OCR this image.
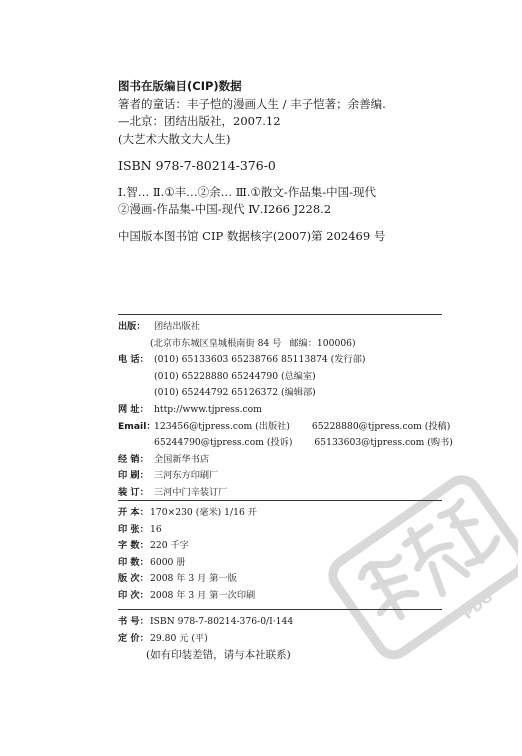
图书在版编目(CIP)数据
箸者的童话：丰子恺的漫画人生 / 丰子恺著；余善编.
—北京：团结出版社，2007.12
(大艺术大散文大人生)
ISBN 978-7-80214-376-0
Ⅰ.智… Ⅱ.①丰…②余… Ⅲ.①散文-作品集-中国-现代
②漫画-作品集-中国-现代 Ⅳ.I266 J228.2
中国版本图书馆 CIP 数据核字(2007)第 202469 号
出版： 团结出版社
(北京市东城区皇城根南街 84 号 邮编：100006)
电 话： (010) 65133603 65238766 85113874 (发行部)
(010) 65228880 65244790 (总编室)
(010) 65244792 65126372 (编辑部)
网 址： http://www.tjpress.com
Email：123456@tjpress.com (出版社) 65228880@tjpress.com (投稿)
65244790@tjpress.com (投诉) 65133603@tjpress.com (购书)
经 销： 全国新华书店
印 刷： 三河东方印刷厂
装 订： 三河中门辛装订厂
开 本：170×230 (毫米) 1/16 开
印 张：16
字 数：220 千字
印 数：6000 册
版 次：2008 年 3 月 第一版
印 次：2008 年 3 月 第一次印刷
书 号：ISBN 978-7-80214-376-0/I·144
定 价：29.80 元 (平)
(如有印装差错，请与本社联系)
PDG
